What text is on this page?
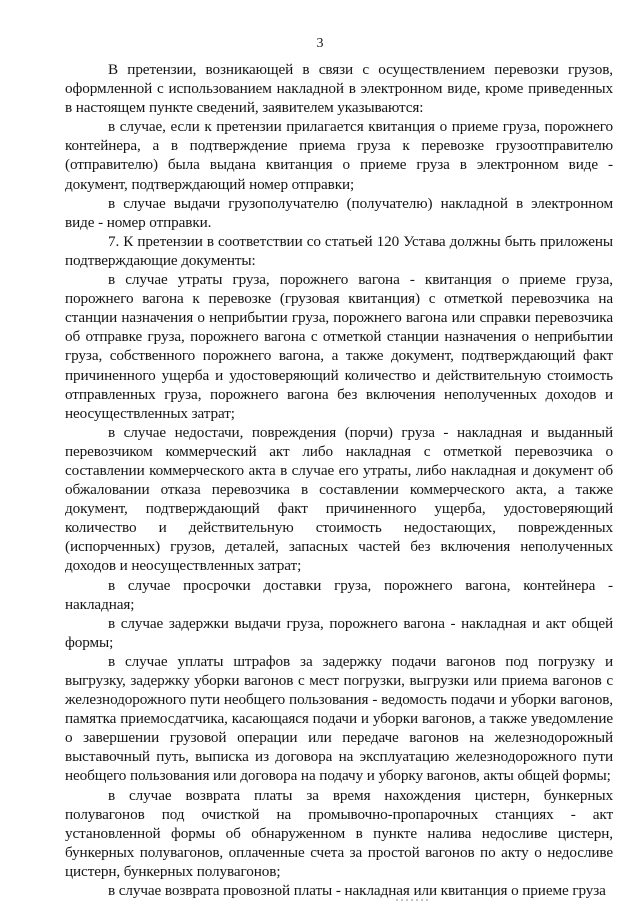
3

В претензии, возникающей в связи с осуществлением перевозки грузов, оформленной с использованием накладной в электронном виде, кроме приведенных в настоящем пункте сведений, заявителем указываются:

в случае, если к претензии прилагается квитанция о приеме груза, порожнего контейнера, а в подтверждение приема груза к перевозке грузоотправителю (отправителю) была выдана квитанция о приеме груза в электронном виде - документ, подтверждающий номер отправки;

в случае выдачи грузополучателю (получателю) накладной в электронном виде - номер отправки.

7. К претензии в соответствии со статьей 120 Устава должны быть приложены подтверждающие документы:

в случае утраты груза, порожнего вагона - квитанция о приеме груза, порожнего вагона к перевозке (грузовая квитанция) с отметкой перевозчика на станции назначения о неприбытии груза, порожнего вагона или справки перевозчика об отправке груза, порожнего вагона с отметкой станции назначения о неприбытии груза, собственного порожнего вагона, а также документ, подтверждающий факт причиненного ущерба и удостоверяющий количество и действительную стоимость отправленных груза, порожнего вагона без включения неполученных доходов и неосуществленных затрат;

в случае недостачи, повреждения (порчи) груза - накладная и выданный перевозчиком коммерческий акт либо накладная с отметкой перевозчика о составлении коммерческого акта в случае его утраты, либо накладная и документ об обжаловании отказа перевозчика в составлении коммерческого акта, а также документ, подтверждающий факт причиненного ущерба, удостоверяющий количество и действительную стоимость недостающих, поврежденных (испорченных) грузов, деталей, запасных частей без включения неполученных доходов и неосуществленных затрат;

в случае просрочки доставки груза, порожнего вагона, контейнера - накладная;

в случае задержки выдачи груза, порожнего вагона - накладная и акт общей формы;

в случае уплаты штрафов за задержку подачи вагонов под погрузку и выгрузку, задержку уборки вагонов с мест погрузки, выгрузки или приема вагонов с железнодорожного пути необщего пользования - ведомость подачи и уборки вагонов, памятка приемосдатчика, касающаяся подачи и уборки вагонов, а также уведомление о завершении грузовой операции или передаче вагонов на железнодорожный выставочный путь, выписка из договора на эксплуатацию железнодорожного пути необщего пользования или договора на подачу и уборку вагонов, акты общей формы;

в случае возврата платы за время нахождения цистерн, бункерных полувагонов под очисткой на промывочно-пропарочных станциях - акт установленной формы об обнаруженном в пункте налива недосливе цистерн, бункерных полувагонов, оплаченные счета за простой вагонов по акту о недосливе цистерн, бункерных полувагонов;

в случае возврата провозной платы - накладная или квитанция о приеме груза
